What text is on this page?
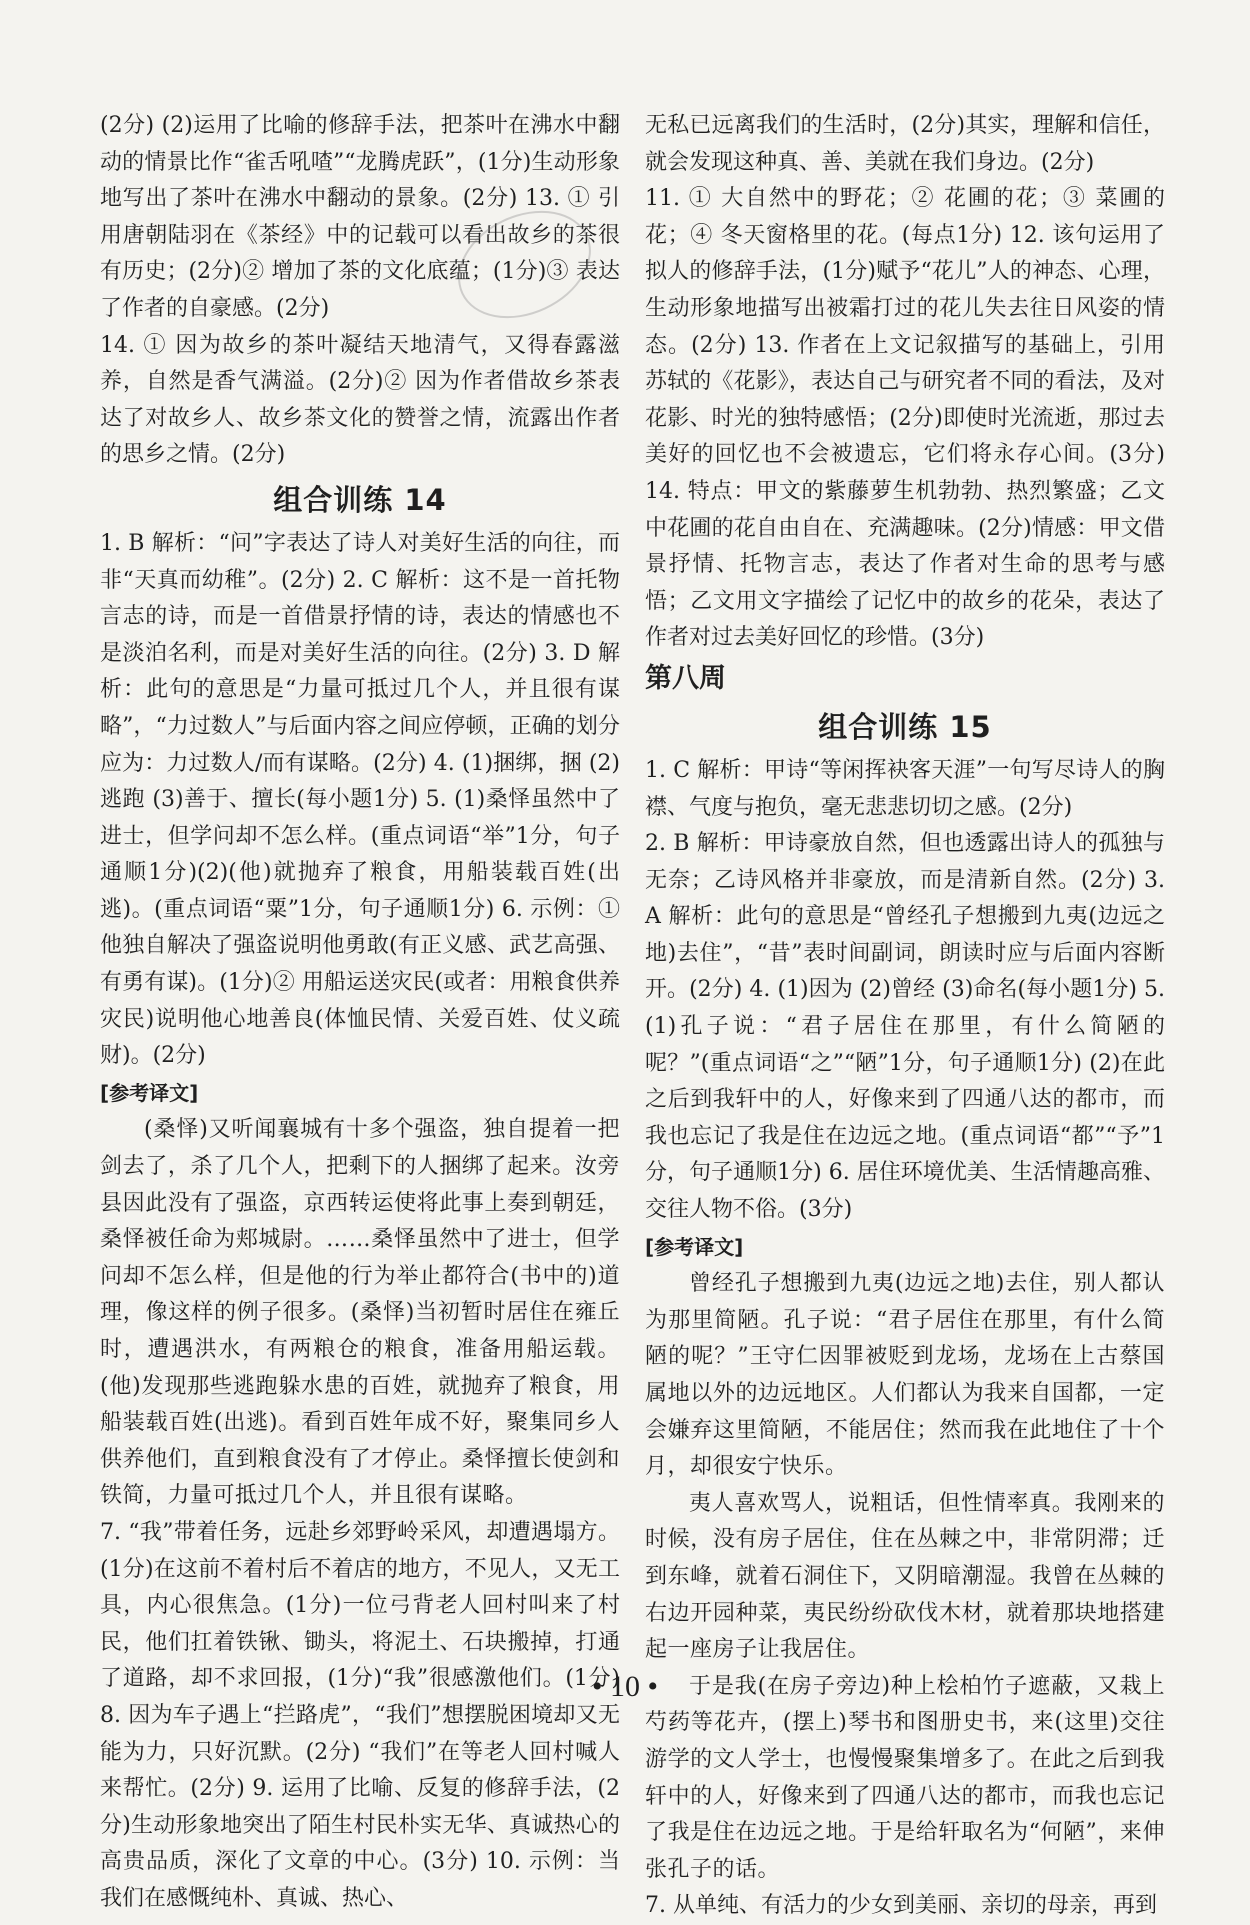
(2分) (2)运用了比喻的修辞手法，把茶叶在沸水中翻动的情景比作“雀舌吼喳”“龙腾虎跃”，(1分)生动形象地写出了茶叶在沸水中翻动的景象。(2分) 13. ① 引用唐朝陆羽在《茶经》中的记载可以看出故乡的茶很有历史；(2分)② 增加了茶的文化底蕴；(1分)③ 表达了作者的自豪感。(2分)

14. ① 因为故乡的茶叶凝结天地清气，又得春露滋养，自然是香气满溢。(2分)② 因为作者借故乡茶表达了对故乡人、故乡茶文化的赞誉之情，流露出作者的思乡之情。(2分)

组合训练 14

1. B 解析：“问”字表达了诗人对美好生活的向往，而非“天真而幼稚”。(2分) 2. C 解析：这不是一首托物言志的诗，而是一首借景抒情的诗，表达的情感也不是淡泊名利，而是对美好生活的向往。(2分) 3. D 解析：此句的意思是“力量可抵过几个人，并且很有谋略”，“力过数人”与后面内容之间应停顿，正确的划分应为：力过数人/而有谋略。(2分) 4. (1)捆绑，捆 (2)逃跑 (3)善于、擅长(每小题1分) 5. (1)桑怿虽然中了进士，但学问却不怎么样。(重点词语“举”1分，句子通顺1分)(2)(他)就抛弃了粮食，用船装载百姓(出逃)。(重点词语“粟”1分，句子通顺1分) 6. 示例：① 他独自解决了强盗说明他勇敢(有正义感、武艺高强、有勇有谋)。(1分)② 用船运送灾民(或者：用粮食供养灾民)说明他心地善良(体恤民情、关爱百姓、仗义疏财)。(2分)

[参考译文]

(桑怿)又听闻襄城有十多个强盗，独自提着一把剑去了，杀了几个人，把剩下的人捆绑了起来。汝旁县因此没有了强盗，京西转运使将此事上奏到朝廷，桑怿被任命为郏城尉。……桑怿虽然中了进士，但学问却不怎么样，但是他的行为举止都符合(书中的)道理，像这样的例子很多。(桑怿)当初暂时居住在雍丘时，遭遇洪水，有两粮仓的粮食，准备用船运载。(他)发现那些逃跑躲水患的百姓，就抛弃了粮食，用船装载百姓(出逃)。看到百姓年成不好，聚集同乡人供养他们，直到粮食没有了才停止。桑怿擅长使剑和铁简，力量可抵过几个人，并且很有谋略。

7. “我”带着任务，远赴乡郊野岭采风，却遭遇塌方。(1分)在这前不着村后不着店的地方，不见人，又无工具，内心很焦急。(1分)一位弓背老人回村叫来了村民，他们扛着铁锹、锄头，将泥土、石块搬掉，打通了道路，却不求回报，(1分)“我”很感激他们。(1分) 8. 因为车子遇上“拦路虎”，“我们”想摆脱困境却又无能为力，只好沉默。(2分) “我们”在等老人回村喊人来帮忙。(2分) 9. 运用了比喻、反复的修辞手法，(2分)生动形象地突出了陌生村民朴实无华、真诚热心的高贵品质，深化了文章的中心。(3分) 10. 示例：当我们在感慨纯朴、真诚、热心、

无私已远离我们的生活时，(2分)其实，理解和信任，就会发现这种真、善、美就在我们身边。(2分)

11. ① 大自然中的野花；② 花圃的花；③ 菜圃的花；④ 冬天窗格里的花。(每点1分) 12. 该句运用了拟人的修辞手法，(1分)赋予“花儿”人的神态、心理，生动形象地描写出被霜打过的花儿失去往日风姿的情态。(2分) 13. 作者在上文记叙描写的基础上，引用苏轼的《花影》，表达自己与研究者不同的看法，及对花影、时光的独特感悟；(2分)即使时光流逝，那过去美好的回忆也不会被遗忘，它们将永存心间。(3分) 14. 特点：甲文的紫藤萝生机勃勃、热烈繁盛；乙文中花圃的花自由自在、充满趣味。(2分)情感：甲文借景抒情、托物言志，表达了作者对生命的思考与感悟；乙文用文字描绘了记忆中的故乡的花朵，表达了作者对过去美好回忆的珍惜。(3分)

第八周

组合训练 15

1. C 解析：甲诗“等闲挥袂客天涯”一句写尽诗人的胸襟、气度与抱负，毫无悲悲切切之感。(2分)

2. B 解析：甲诗豪放自然，但也透露出诗人的孤独与无奈；乙诗风格并非豪放，而是清新自然。(2分) 3. A 解析：此句的意思是“曾经孔子想搬到九夷(边远之地)去住”，“昔”表时间副词，朗读时应与后面内容断开。(2分) 4. (1)因为 (2)曾经 (3)命名(每小题1分) 5. (1)孔子说：“君子居住在那里，有什么简陋的呢？”(重点词语“之”“陋”1分，句子通顺1分) (2)在此之后到我轩中的人，好像来到了四通八达的都市，而我也忘记了我是住在边远之地。(重点词语“都”“予”1分，句子通顺1分) 6. 居住环境优美、生活情趣高雅、交往人物不俗。(3分)

[参考译文]

曾经孔子想搬到九夷(边远之地)去住，别人都认为那里简陋。孔子说：“君子居住在那里，有什么简陋的呢？”王守仁因罪被贬到龙场，龙场在上古蔡国属地以外的边远地区。人们都认为我来自国都，一定会嫌弃这里简陋，不能居住；然而我在此地住了十个月，却很安宁快乐。

夷人喜欢骂人，说粗话，但性情率真。我刚来的时候，没有房子居住，住在丛棘之中，非常阴滞；迁到东峰，就着石洞住下，又阴暗潮湿。我曾在丛棘的右边开园种菜，夷民纷纷砍伐木材，就着那块地搭建起一座房子让我居住。

于是我(在房子旁边)种上桧柏竹子遮蔽，又栽上芍药等花卉，(摆上)琴书和图册史书，来(这里)交往游学的文人学士，也慢慢聚集增多了。在此之后到我轩中的人，好像来到了四通八达的都市，而我也忘记了我是住在边远之地。于是给轩取名为“何陋”，来伸张孔子的话。

7. 从单纯、有活力的少女到美丽、亲切的母亲，再到

• 10 •
